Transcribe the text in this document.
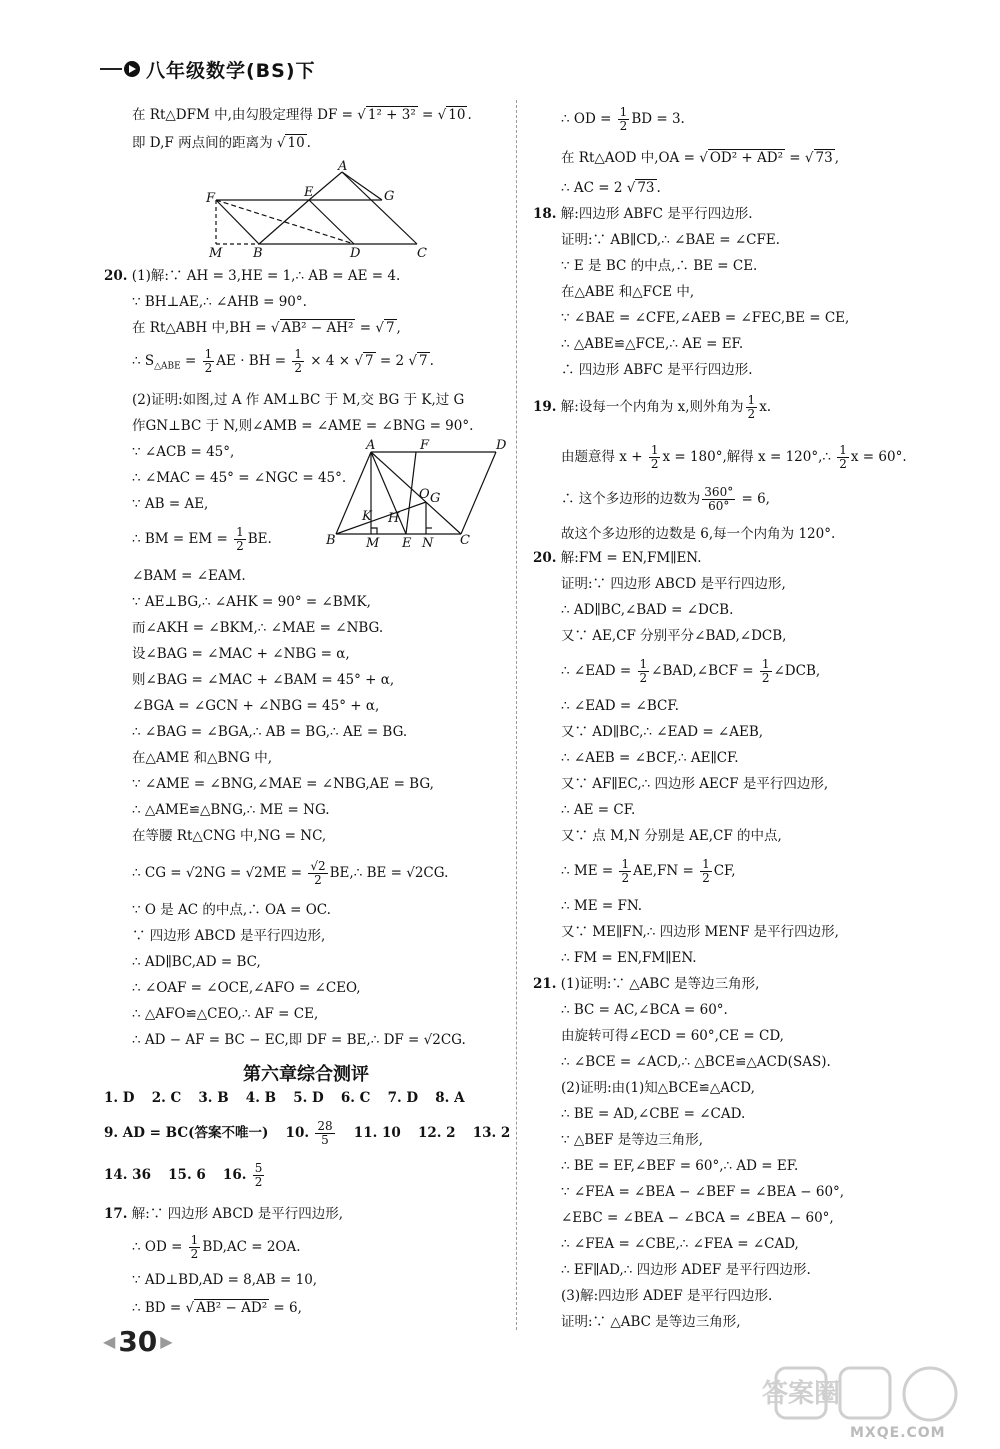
八年级数学(BS)下
在 Rt△DFM 中,由勾股定理得 DF = √ 1² + 3² = √ 10 .
即 D,F 两点间的距离为 √ 10 .
A
F	E	G
M B	D	C
20. (1)解:∵ AH = 3,HE = 1,∴ AB = AE = 4.
∵ BH⊥AE,∴ ∠AHB = 90°.
在 Rt△ABH 中,BH = √ AB² − AH² = √ 7 ,
∴ $S_{\triangle ABE} = \frac{1}{2}$ AE · BH = $\frac{1}{2} \times 4$ × √ 7 = 2 √ 7 .
(2)证明:如图,过 A 作 AM⊥BC 于 M,交 BG 于 K,过 G
作GN⊥BC 于 N,则∠AMB = ∠AME = ∠BNG = 90°.
∵ ∠ACB = 45°,
∴ ∠MAC = 45° = ∠NGC = 45°.
∵ AB = AE,
∴ BM = EM = $\frac{1}{2}$ BE.
A	F	D
O G
K H
B M E N C
∠BAM = ∠EAM.
∵ AE⊥BG,∴ ∠AHK = 90° = ∠BMK,
而∠AKH = ∠BKM,∴ ∠MAE = ∠NBG.
设∠BAG = ∠MAC + ∠NBG = α,
则∠BAG = ∠MAC + ∠BAM = 45° + α,
∠BGA = ∠GCN + ∠NBG = 45° + α,
∴ ∠BAG = ∠BGA,∴ AB = BG,∴ AE = BG.
在△AME 和△BNG 中,
∵ ∠AME = ∠BNG,∠MAE = ∠NBG,AE = BG,
∴ △AME≌△BNG,∴ ME = NG.
在等腰 Rt△CNG 中,NG = NC,
∴ CG = $√2NG = √2ME = \frac{√2}{2}$ BE,∴ BE = √2CG.
∵ O 是 AC 的中点,∴ OA = OC.
∵ 四边形 ABCD 是平行四边形,
∴ AD∥BC,AD = BC,
∴ ∠OAF = ∠OCE,∠AFO = ∠CEO,
∴ △AFO≌△CEO,∴ AF = CE,
∴ AD − AF = BC − EC,即 DF = BE,∴ DF = √2CG.
第六章综合测评
1. D 2. C 3. B 4. B 5. D 6. C 7. D 8. A
9. AD = BC(答案不唯一) 10. $\frac{28}{5} 11$. 10 12. 2 13. 2
14. 36 15. 6 16. $\frac{5}{2}$
17. 解:∵ 四边形 ABCD 是平行四边形,
∴ OD = $\frac{1}{2} BD,AC = 2OA$.
∵ AD⊥BD,AD = 8,AB = 10,
∴ BD = √ AB² − AD² = 6,
∴ OD = $\frac{1}{2}$ BD = 3.
在 Rt△AOD 中,OA = √ OD² + AD² = √ 73 ,
∴ AC = 2 √ 73 .
18. 解:四边形 ABFC 是平行四边形.
证明:∵ AB∥CD,∴ ∠BAE = ∠CFE.
∵ E 是 BC 的中点,∴ BE = CE.
在△ABE 和△FCE 中,
∵ ∠BAE = ∠CFE,∠AEB = ∠FEC,BE = CE,
∴ △ABE≌△FCE,∴ AE = EF.
∴ 四边形 ABFC 是平行四边形.
19. 解:设每一个内角为 x,则外角为 $\frac{1}{2} x$.
由题意得 $x + \frac{1}{2}$ x = 180°,解得 x = 120°,∴ $\frac{1}{2}$ x = 60°.
∴ 这个多边形的边数为 $\frac{360^\circ}{60^\circ} = 6$,
故这个多边形的边数是 6,每一个内角为 120°.
20. 解:FM = EN,FM∥EN.
证明:∵ 四边形 ABCD 是平行四边形,
∴ AD∥BC,∠BAD = ∠DCB.
又∵ AE,CF 分别平分∠BAD,∠DCB,
∴ ∠EAD = $\frac{1}{2}$ ∠BAD,∠BCF = $\frac{1}{2}$ ∠DCB,
∴ ∠EAD = ∠BCF.
又∵ AD∥BC,∴ ∠EAD = ∠AEB,
∴ ∠AEB = ∠BCF,∴ AE∥CF.
又∵ AF∥EC,∴ 四边形 AECF 是平行四边形,
∴ AE = CF.
又∵ 点 M,N 分别是 AE,CF 的中点,
∴ ME = $\frac{1}{2} AE,FN = \frac{1}{2}$ CF,
∴ ME = FN.
又∵ ME∥FN,∴ 四边形 MENF 是平行四边形,
∴ FM = EN,FM∥EN.
21. (1)证明:∵ △ABC 是等边三角形,
∴ BC = AC,∠BCA = 60°.
由旋转可得∠ECD = 60°,CE = CD,
∴ ∠BCE = ∠ACD,∴ △BCE≌△ACD(SAS).
(2)证明:由(1)知△BCE≌△ACD,
∴ BE = AD,∠CBE = ∠CAD.
∵ △BEF 是等边三角形,
∴ BE = EF,∠BEF = 60°,∴ AD = EF.
∵ ∠FEA = ∠BEA − ∠BEF = ∠BEA − 60°,
∠EBC = ∠BEA − ∠BCA = ∠BEA − 60°,
∴ ∠FEA = ∠CBE,∴ ∠FEA = ∠CAD,
∴ EF∥AD,∴ 四边形 ADEF 是平行四边形.
(3)解:四边形 ADEF 是平行四边形.
证明:∵ △ABC 是等边三角形,
◀ 30 ▶
答案圈
MXQE.COM
